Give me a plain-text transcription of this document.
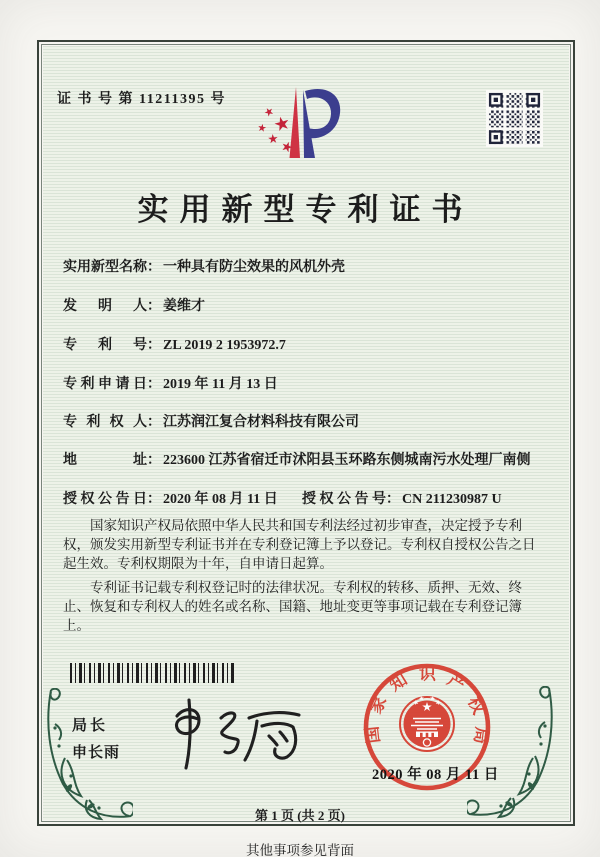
证 书 号 第 11211395 号
实用新型专利证书
实用新型名称： 一种具有防尘效果的风机外壳
发明人： 姜维才
专利号： ZL 2019 2 1953972.7
专利申请日： 2019 年 11 月 13 日
专利权人： 江苏润江复合材料科技有限公司
地址： 223600 江苏省宿迁市沭阳县玉环路东侧城南污水处理厂南侧
授权公告日： 2020 年 08 月 11 日 授权公告号： CN 211230987 U

国家知识产权局依照中华人民共和国专利法经过初步审查，决定授予专利权，颁发实用新型专利证书并在专利登记簿上予以登记。专利权自授权公告之日起生效。专利权期限为十年，自申请日起算。

专利证书记载专利权登记时的法律状况。专利权的转移、质押、无效、终止、恢复和专利权人的姓名或名称、国籍、地址变更等事项记载在专利登记簿上。

局长
申长雨
国家知识产权局
2020 年 08 月 11 日
第 1 页 (共 2 页)
其他事项参见背面
